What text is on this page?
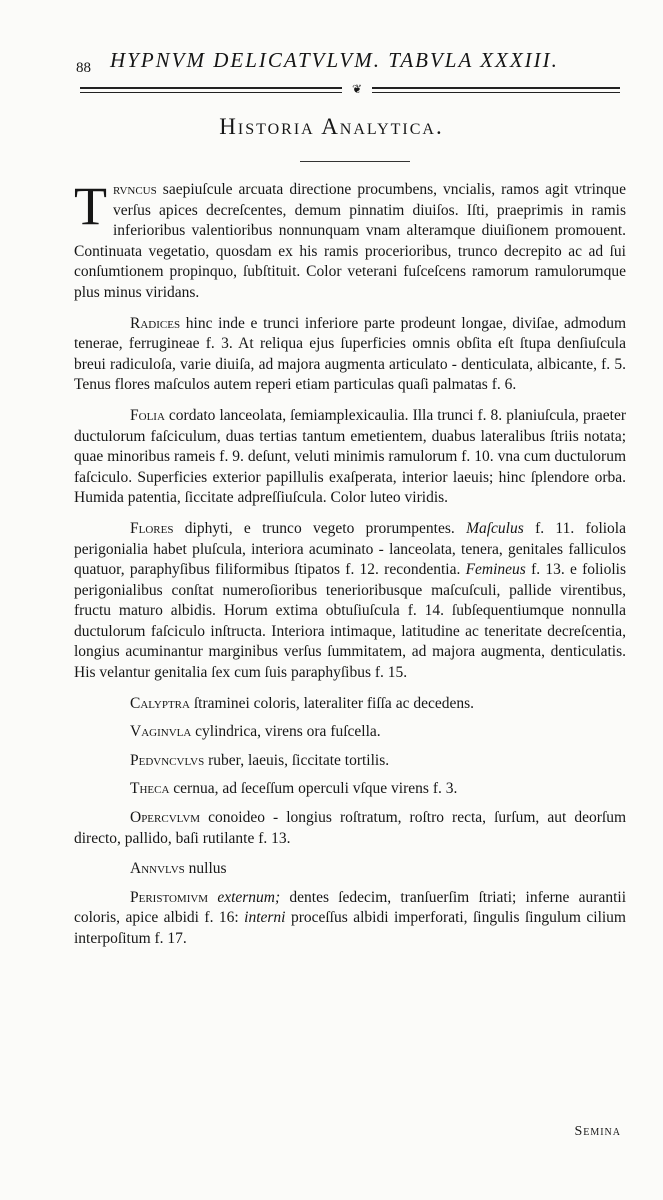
88 HYPNVM DELICATVLVM. TABVLA XXXIII.
❦
Historia Analytica.

Trvncus saepiuſcule arcuata directione procumbens, vncialis, ramos agit vtrinque verſus apices decreſcentes, demum pinnatim diuiſos. Iſti, praeprimis in ramis inferioribus valentioribus nonnunquam vnam alteramque diuiſionem promouent. Continuata vegetatio, quosdam ex his ramis procerioribus, trunco decrepito ac ad ſui conſumtionem propinquo, ſubſtituit. Color veterani fuſceſcens ramorum ramulorumque plus minus viridans.

Radices hinc inde e trunci inferiore parte prodeunt longae, diviſae, admodum tenerae, ferrugineae f. 3. At reliqua ejus ſuperficies omnis obſita eſt ſtupa denſiuſcula breui radiculoſa, varie diuiſa, ad majora augmenta articulato - denticulata, albicante, f. 5. Tenus flores maſculos autem reperi etiam particulas quaſi palmatas f. 6.

Folia cordato lanceolata, ſemiamplexicaulia. Illa trunci f. 8. planiuſcula, praeter ductulorum faſciculum, duas tertias tantum emetientem, duabus lateralibus ſtriis notata; quae minoribus rameis f. 9. deſunt, veluti minimis ramulorum f. 10. vna cum ductulorum faſciculo. Superficies exterior papillulis exaſperata, interior laeuis; hinc ſplendore orba. Humida patentia, ſiccitate adpreſſiuſcula. Color luteo viridis.

Flores diphyti, e trunco vegeto prorumpentes. Maſculus f. 11. foliola perigonialia habet pluſcula, interiora acuminato - lanceolata, tenera, genitales falliculos quatuor, paraphyſibus filiformibus ſtipatos f. 12. recondentia. Femineus f. 13. e foliolis perigonialibus conſtat numeroſioribus tenerioribusque maſcuſculi, pallide virentibus, fructu maturo albidis. Horum extima obtuſiuſcula f. 14. ſubſequentiumque nonnulla ductulorum faſciculo inſtructa. Interiora intimaque, latitudine ac teneritate decreſcentia, longius acuminantur marginibus verſus ſummitatem, ad majora augmenta, denticulatis. His velantur genitalia ſex cum ſuis paraphyſibus f. 15.

Calyptra ſtraminei coloris, lateraliter fiſſa ac decedens.

Vaginvla cylindrica, virens ora fuſcella.

Pedvncvlvs ruber, laeuis, ſiccitate tortilis.

Theca cernua, ad ſeceſſum operculi vſque virens f. 3.

Opercvlvm conoideo - longius roſtratum, roſtro recta, ſurſum, aut deorſum directo, pallido, baſi rutilante f. 13.

Annvlvs nullus

Peristomivm externum; dentes ſedecim, tranſuerſim ſtriati; inferne aurantii coloris, apice albidi f. 16: interni proceſſus albidi imperforati, ſingulis ſingulum cilium interpoſitum f. 17.

Semina
